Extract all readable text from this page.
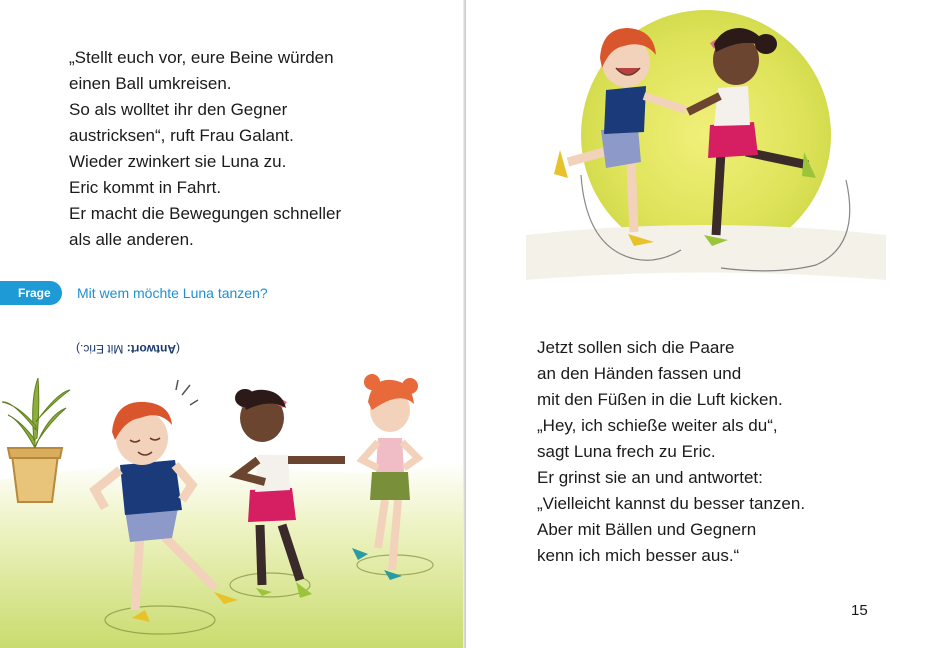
„Stellt euch vor, eure Beine würden

einen Ball umkreisen.

So als wolltet ihr den Gegner

austricksen“, ruft Frau Galant.

Wieder zwinkert sie Luna zu.

Eric kommt in Fahrt.

Er macht die Bewegungen schneller

als alle anderen.

Frage	Mit wem möchte Luna tanzen?
(Antwort: Mit Eric.)	Jetzt sollen sich die Paare

an den Händen fassen und

mit den Füßen in die Luft kicken.

„Hey, ich schieße weiter als du“,

sagt Luna frech zu Eric.

Er grinst sie an und antwortet:

„Vielleicht kannst du besser tanzen.

Aber mit Bällen und Gegnern

kenn ich mich besser aus.“

15
